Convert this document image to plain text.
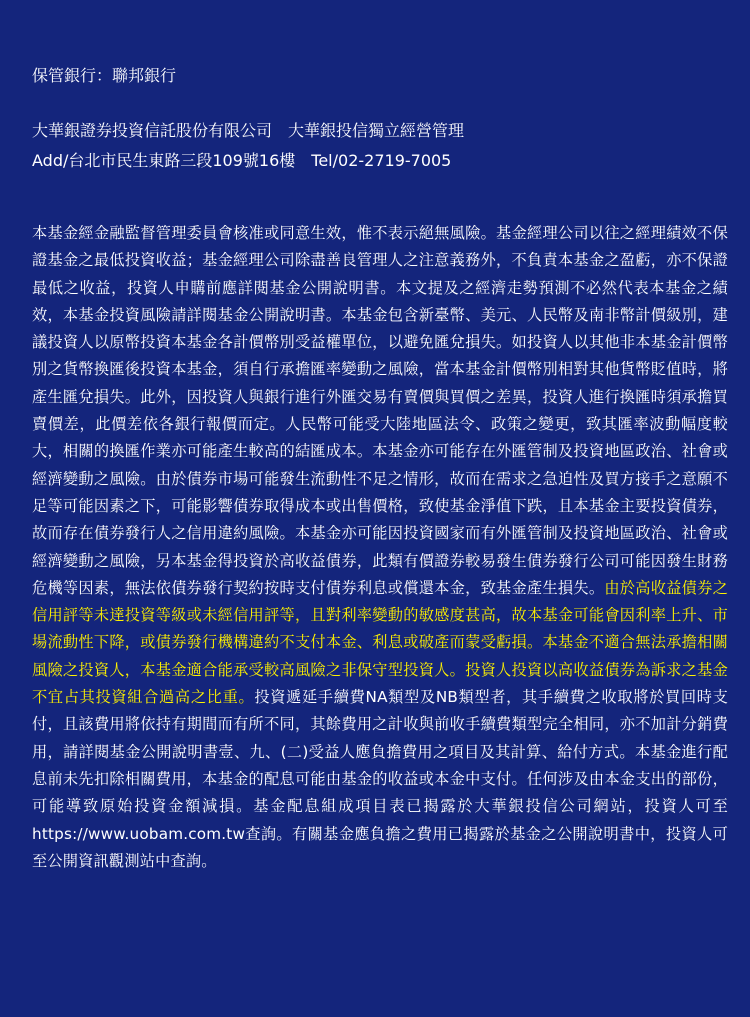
保管銀行：聯邦銀行

大華銀證券投資信託股份有限公司 大華銀投信獨立經營管理
Add/台北市民生東路三段109號16樓 Tel/02-2719-7005
本基金經金融監督管理委員會核准或同意生效，惟不表示絕無風險。基金經理公司以往之經理績效不保證基金之最低投資收益；基金經理公司除盡善良管理人之注意義務外，不負責本基金之盈虧，亦不保證最低之收益，投資人申購前應詳閱基金公開說明書。本文提及之經濟走勢預測不必然代表本基金之績效，本基金投資風險請詳閱基金公開說明書。本基金包含新臺幣、美元、人民幣及南非幣計價級別，建議投資人以原幣投資本基金各計價幣別受益權單位，以避免匯兌損失。如投資人以其他非本基金計價幣別之貨幣換匯後投資本基金，須自行承擔匯率變動之風險，當本基金計價幣別相對其他貨幣貶值時，將產生匯兌損失。此外，因投資人與銀行進行外匯交易有賣價與買價之差異，投資人進行換匯時須承擔買賣價差，此價差依各銀行報價而定。人民幣可能受大陸地區法令、政策之變更，致其匯率波動幅度較大，相關的換匯作業亦可能產生較高的結匯成本。本基金亦可能存在外匯管制及投資地區政治、社會或經濟變動之風險。由於債券市場可能發生流動性不足之情形，故而在需求之急迫性及買方接手之意願不足等可能因素之下，可能影響債券取得成本或出售價格，致使基金淨值下跌，且本基金主要投資債券，故而存在債券發行人之信用違約風險。本基金亦可能因投資國家而有外匯管制及投資地區政治、社會或經濟變動之風險，另本基金得投資於高收益債券，此類有價證券較易發生債券發行公司可能因發生財務危機等因素，無法依債券發行契約按時支付債券利息或償還本金，致基金產生損失。由於高收益債券之信用評等未達投資等級或未經信用評等，且對利率變動的敏感度甚高，故本基金可能會因利率上升、市場流動性下降，或債券發行機構違約不支付本金、利息或破產而蒙受虧損。本基金不適合無法承擔相關風險之投資人，本基金適合能承受較高風險之非保守型投資人。投資人投資以高收益債券為訴求之基金不宜占其投資組合過高之比重。投資遞延手續費NA類型及NB類型者，其手續費之收取將於買回時支付，且該費用將依持有期間而有所不同，其餘費用之計收與前收手續費類型完全相同，亦不加計分銷費用，請詳閱基金公開說明書壹、九、(二)受益人應負擔費用之項目及其計算、給付方式。本基金進行配息前未先扣除相關費用，本基金的配息可能由基金的收益或本金中支付。任何涉及由本金支出的部份，可能導致原始投資金額減損。基金配息組成項目表已揭露於大華銀投信公司網站，投資人可至https://www.uobam.com.tw查詢。有關基金應負擔之費用已揭露於基金之公開說明書中，投資人可至公開資訊觀測站中查詢。
